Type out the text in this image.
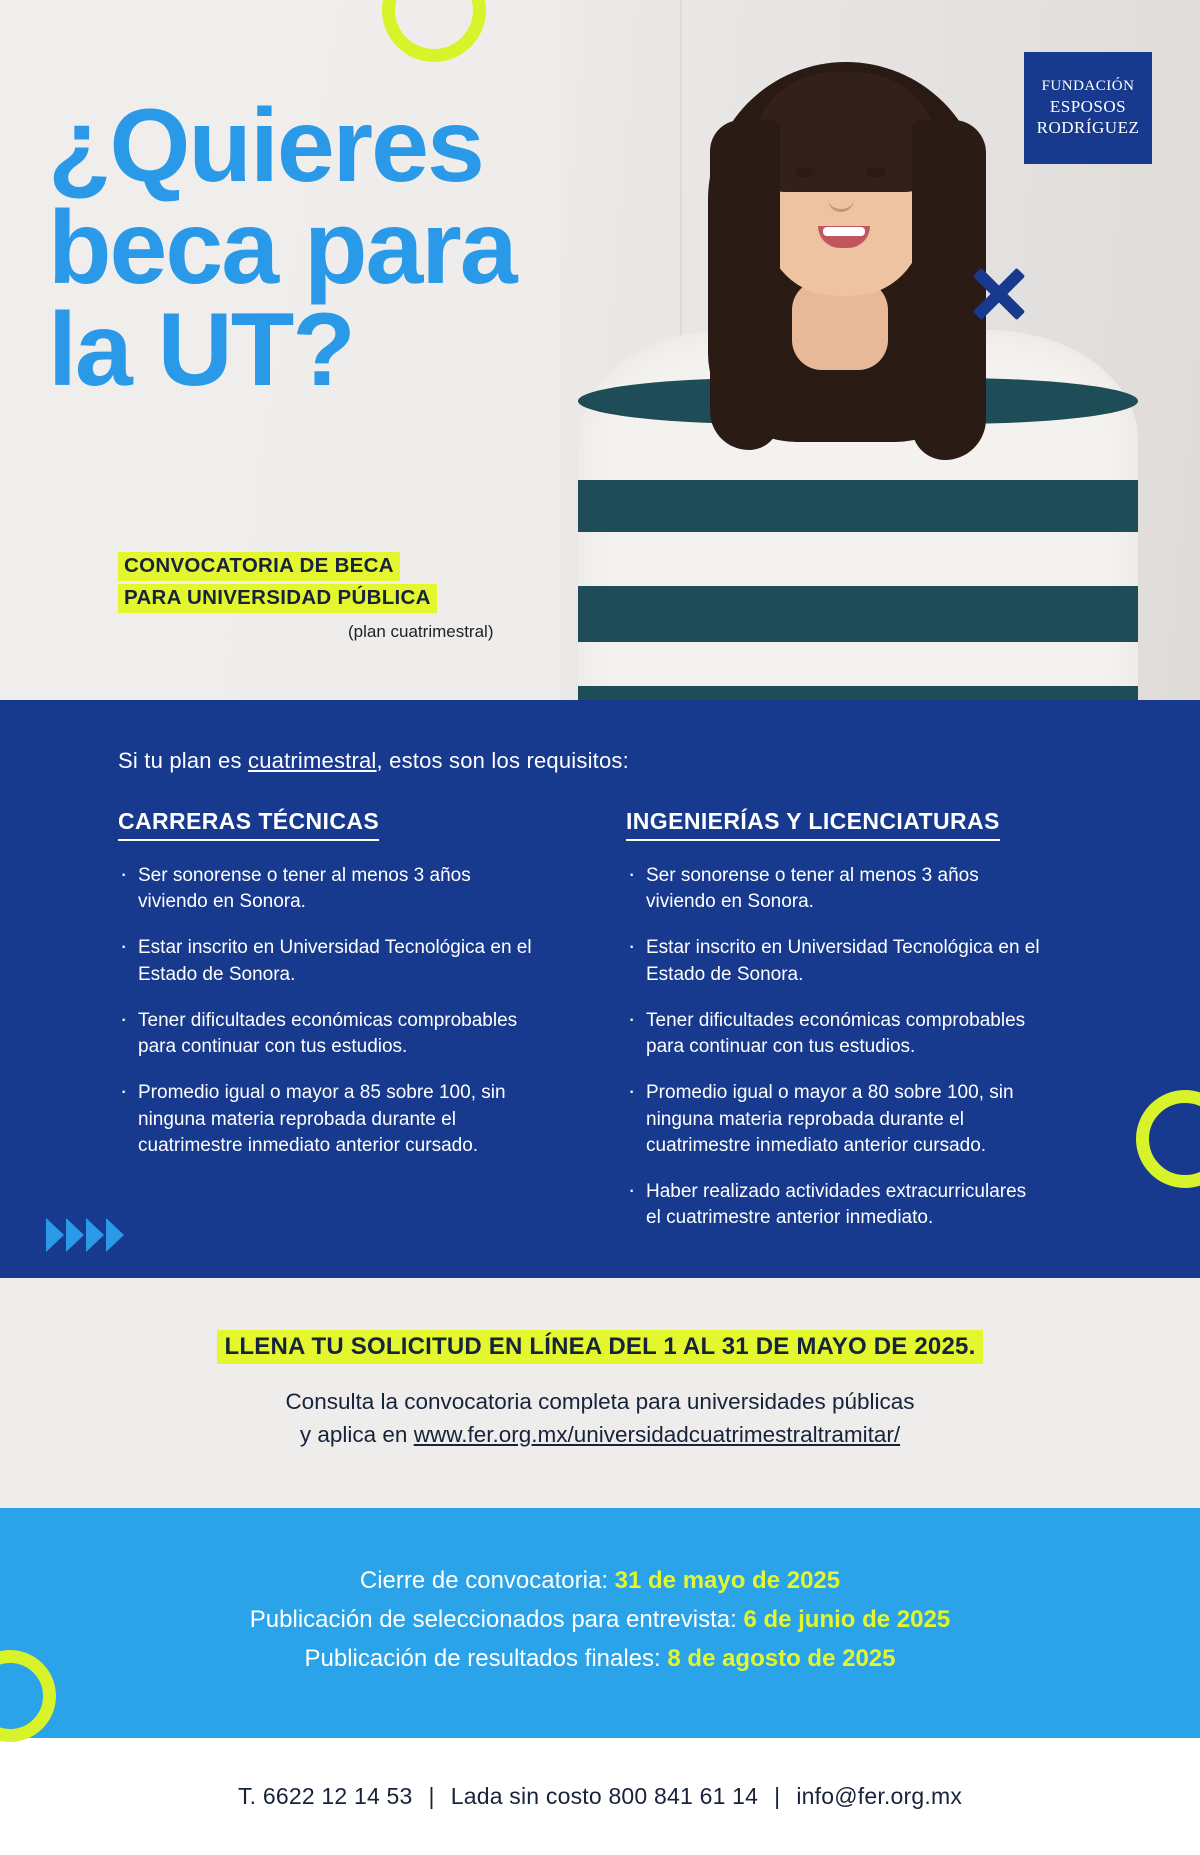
FUNDACIÓN
ESPOSOS
RODRÍGUEZ
¿Quieres
beca para
la UT?
CONVOCATORIA DE BECA
PARA UNIVERSIDAD PÚBLICA
(plan cuatrimestral)
Si tu plan es cuatrimestral, estos son los requisitos:
CARRERAS TÉCNICAS
· Ser sonorense o tener al menos 3 años viviendo en Sonora.
· Estar inscrito en Universidad Tecnológica en el Estado de Sonora.
· Tener dificultades económicas comprobables para continuar con tus estudios.
· Promedio igual o mayor a 85 sobre 100, sin ninguna materia reprobada durante el cuatrimestre inmediato anterior cursado.
INGENIERÍAS Y LICENCIATURAS
· Ser sonorense o tener al menos 3 años viviendo en Sonora.
· Estar inscrito en Universidad Tecnológica en el Estado de Sonora.
· Tener dificultades económicas comprobables para continuar con tus estudios.
· Promedio igual o mayor a 80 sobre 100, sin ninguna materia reprobada durante el cuatrimestre inmediato anterior cursado.
· Haber realizado actividades extracurriculares el cuatrimestre anterior inmediato.
LLENA TU SOLICITUD EN LÍNEA DEL 1 AL 31 DE MAYO DE 2025.
Consulta la convocatoria completa para universidades públicas
y aplica en www.fer.org.mx/universidadcuatrimestraltramitar/
Cierre de convocatoria: 31 de mayo de 2025
Publicación de seleccionados para entrevista: 6 de junio de 2025
Publicación de resultados finales: 8 de agosto de 2025
T. 6622 12 14 53 | Lada sin costo 800 841 61 14 | info@fer.org.mx
